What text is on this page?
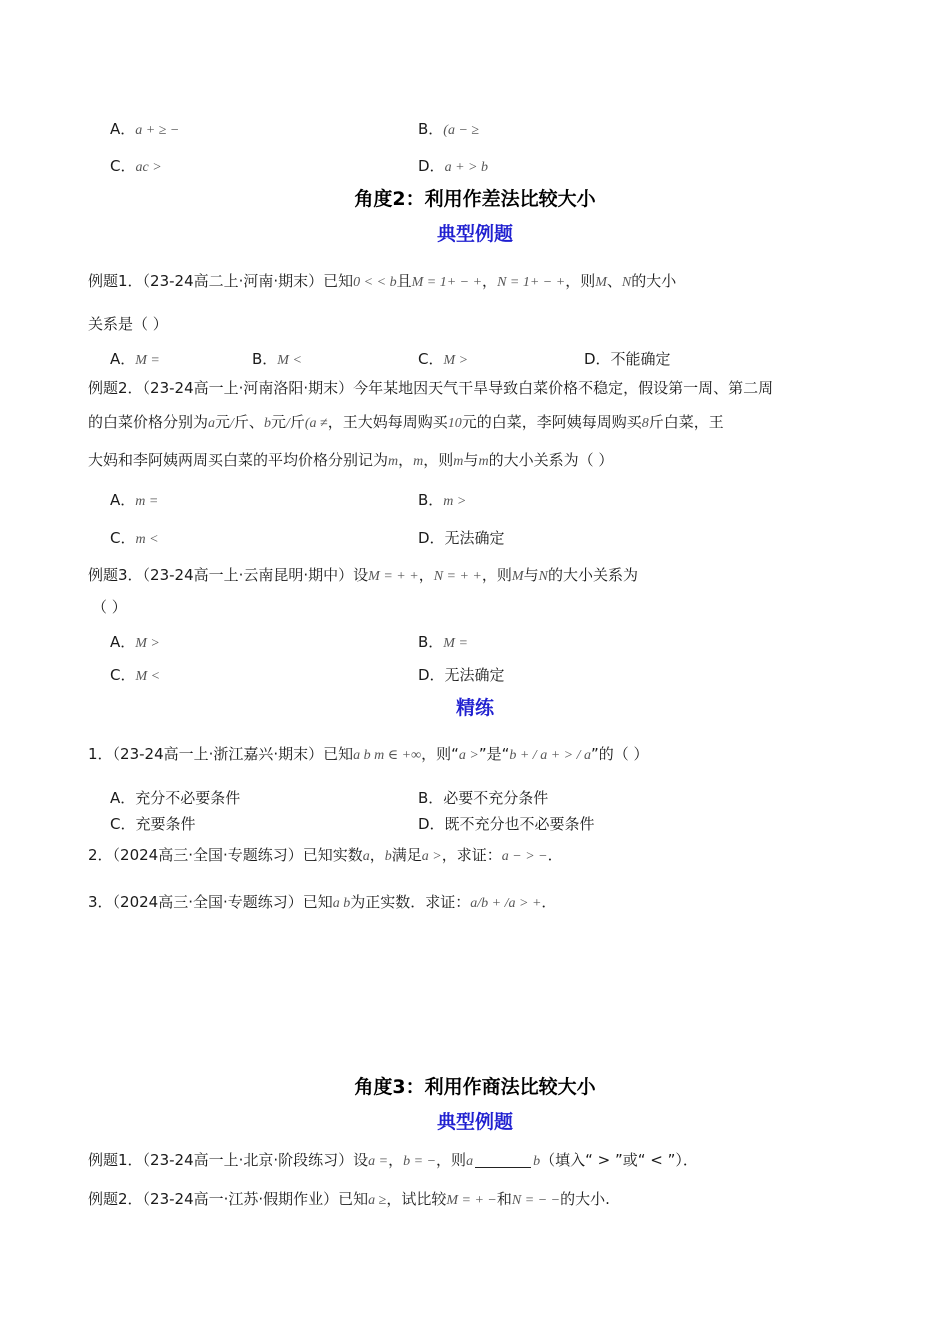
A．a + ≥ −	B．(a − ≥
C．ac >	D．a + > b
角度2：利用作差法比较大小
典型例题
例题1．（23-24高二上·河南·期末）已知0 < < b且M = 1+ − +，N = 1+ − +，则M、N的大小
关系是（ ）
A．M =	B．M <	C．M >	D．不能确定
例题2．（23-24高一上·河南洛阳·期末）今年某地因天气干旱导致白菜价格不稳定，假设第一周、第二周
的白菜价格分别为a元/斤、b元/斤(a ≠，王大妈每周购买10元的白菜，李阿姨每周购买8斤白菜，王
大妈和李阿姨两周买白菜的平均价格分别记为m，m，则m与m的大小关系为（ ）
A．m =	B．m >
C．m <	D．无法确定
例题3．（23-24高一上·云南昆明·期中）设M = + +，N = + +，则M与N的大小关系为
（ ）
A．M >	B．M =
C．M <	D．无法确定
精练
1．（23-24高一上·浙江嘉兴·期末）已知a b m ∈ +∞，则“a >”是“b + / a + > / a”的（ ）
A．充分不必要条件	B．必要不充分条件
C．充要条件	D．既不充分也不必要条件
2．（2024高三·全国·专题练习）已知实数a，b满足a >，求证：a − > −．
3．（2024高三·全国·专题练习）已知a b为正实数．求证：a/b + /a > +．
角度3：利用作商法比较大小
典型例题
例题1．（23-24高一上·北京·阶段练习）设a =，b = −，则a	b（填入“ > ”或“ < ”）．
例题2．（23-24高一·江苏·假期作业）已知a ≥，试比较M = + −和N = − −的大小.
